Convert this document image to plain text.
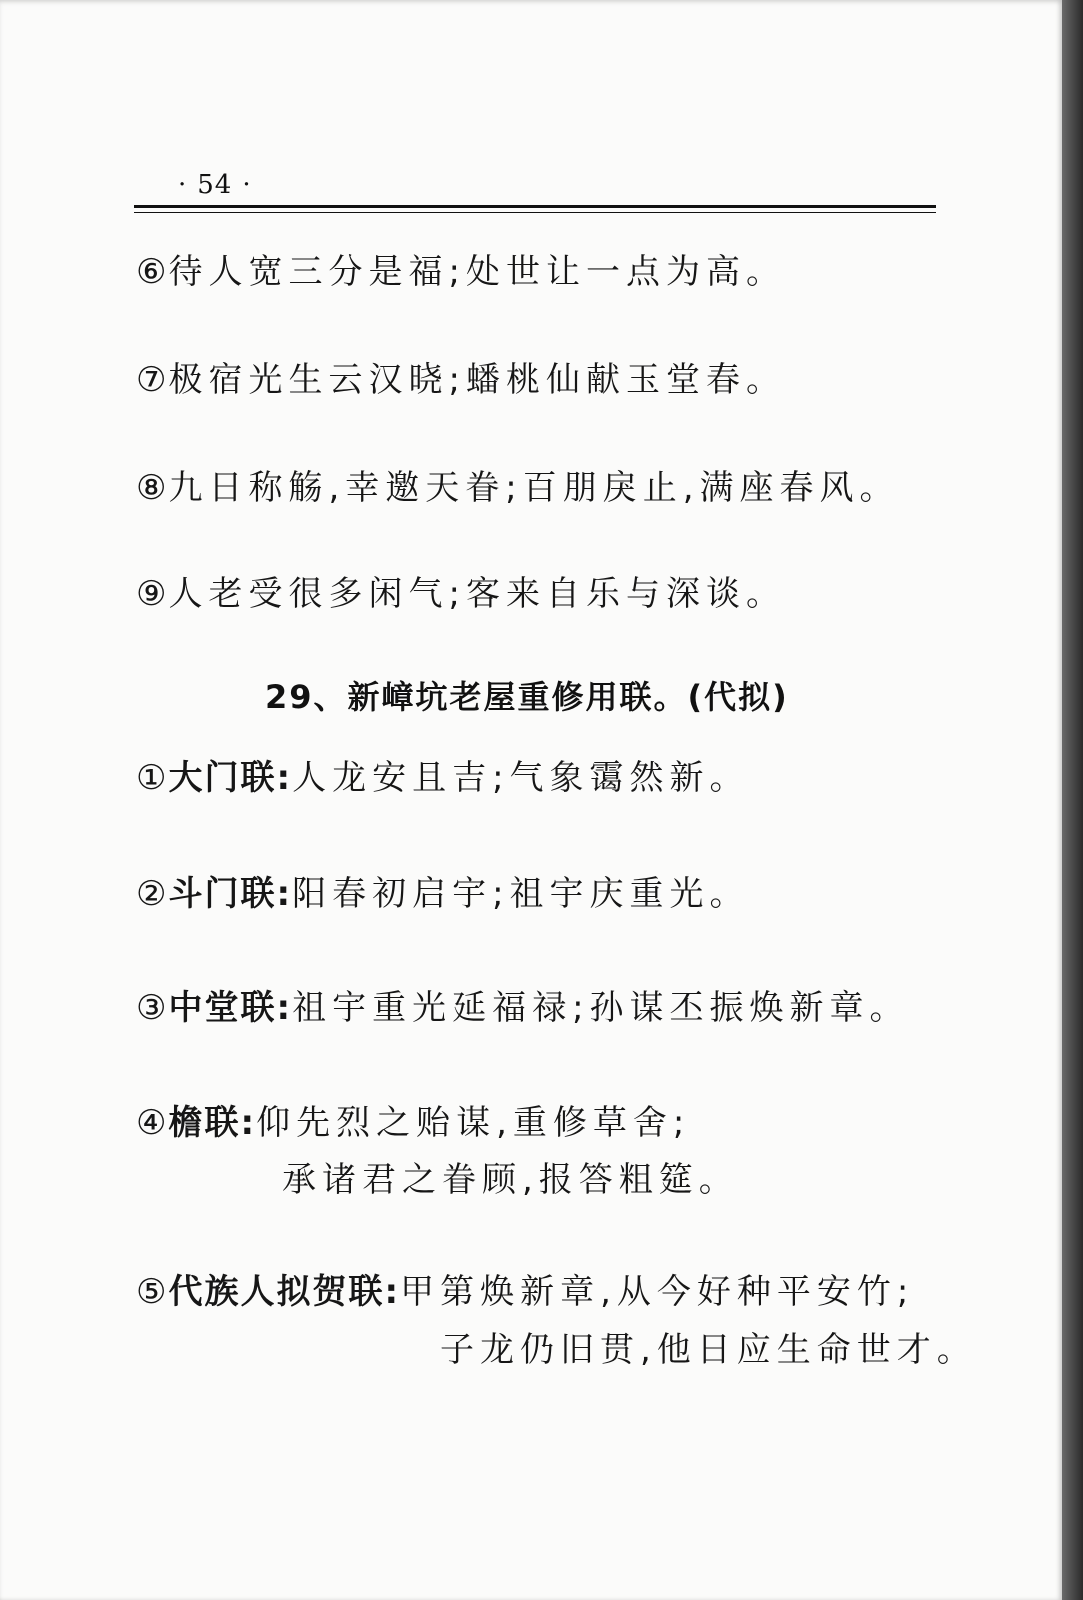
· 54 ·
⑥待人宽三分是福;处世让一点为高。
⑦极宿光生云汉晓;蟠桃仙献玉堂春。
⑧九日称觞,幸邀天眷;百朋戾止,满座春风。
⑨人老受很多闲气;客来自乐与深谈。
29、新嶂坑老屋重修用联。(代拟)
①大门联:人龙安且吉;气象霭然新。
②斗门联:阳春初启宇;祖宇庆重光。
③中堂联:祖宇重光延福禄;孙谋丕振焕新章。
④檐联:仰先烈之贻谋,重修草舍;
承诸君之眷顾,报答粗筵。
⑤代族人拟贺联:甲第焕新章,从今好种平安竹;
子龙仍旧贯,他日应生命世才。
